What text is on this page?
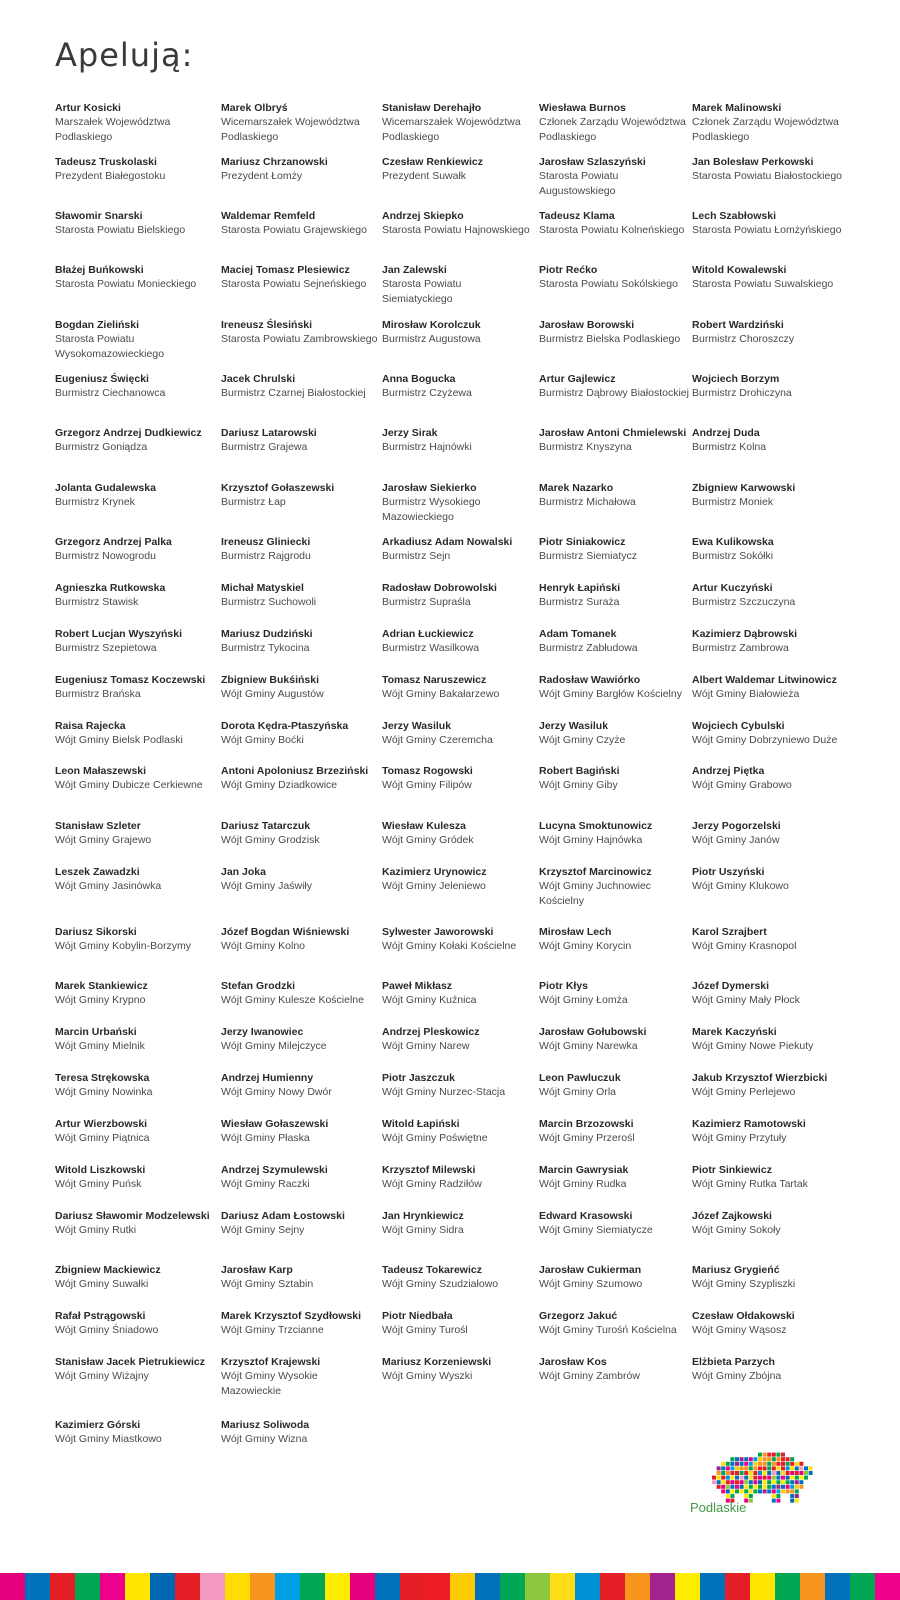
Apelują:
Artur Kosicki
Marszałek Województwa Podlaskiego
Tadeusz Truskolaski
Prezydent Białegostoku
Sławomir Snarski
Starosta Powiatu Bielskiego
Błażej Buńkowski
Starosta Powiatu Monieckiego
Bogdan Zieliński
Starosta Powiatu Wysokomazowieckiego
Eugeniusz Święcki
Burmistrz Ciechanowca
Grzegorz Andrzej Dudkiewicz
Burmistrz Goniądza
Jolanta Gudalewska
Burmistrz Krynek
Grzegorz Andrzej Palka
Burmistrz Nowogrodu
Agnieszka Rutkowska
Burmistrz Stawisk
Robert Lucjan Wyszyński
Burmistrz Szepietowa
Eugeniusz Tomasz Koczewski
Burmistrz Brańska
Raisa Rajecka
Wójt Gminy Bielsk Podlaski
Leon Małaszewski
Wójt Gminy Dubicze Cerkiewne
Stanisław Szleter
Wójt Gminy Grajewo
Leszek Zawadzki
Wójt Gminy Jasinówka
Dariusz Sikorski
Wójt Gminy Kobylin-Borzymy
Marek Stankiewicz
Wójt Gminy Krypno
Marcin Urbański
Wójt Gminy Mielnik
Teresa Strękowska
Wójt Gminy Nowinka
Artur Wierzbowski
Wójt Gminy Piątnica
Witold Liszkowski
Wójt Gminy Puńsk
Dariusz Sławomir Modzelewski
Wójt Gminy Rutki
Zbigniew Mackiewicz
Wójt Gminy Suwałki
Rafał Pstrągowski
Wójt Gminy Śniadowo
Stanisław Jacek Pietrukiewicz
Wójt Gminy Wiżajny
Kazimierz Górski
Wójt Gminy Miastkowo
Marek Olbryś
Wicemarszałek Województwa Podlaskiego
Mariusz Chrzanowski
Prezydent Łomży
Waldemar Remfeld
Starosta Powiatu Grajewskiego
Maciej Tomasz Plesiewicz
Starosta Powiatu Sejneńskiego
Ireneusz Ślesiński
Starosta Powiatu Zambrowskiego
Jacek Chrulski
Burmistrz Czarnej Białostockiej
Dariusz Latarowski
Burmistrz Grajewa
Krzysztof Gołaszewski
Burmistrz Łap
Ireneusz Gliniecki
Burmistrz Rajgrodu
Michał Matyskiel
Burmistrz Suchowoli
Mariusz Dudziński
Burmistrz Tykocina
Zbigniew Bukśiński
Wójt Gminy Augustów
Dorota Kędra-Ptaszyńska
Wójt Gminy Boćki
Antoni Apoloniusz Brzeziński
Wójt Gminy Dziadkowice
Dariusz Tatarczuk
Wójt Gminy Grodzisk
Jan Joka
Wójt Gminy Jaświły
Józef Bogdan Wiśniewski
Wójt Gminy Kolno
Stefan Grodzki
Wójt Gminy Kulesze Kościelne
Jerzy Iwanowiec
Wójt Gminy Milejczyce
Andrzej Humienny
Wójt Gminy Nowy Dwór
Wiesław Gołaszewski
Wójt Gminy Płaska
Andrzej Szymulewski
Wójt Gminy Raczki
Dariusz Adam Łostowski
Wójt Gminy Sejny
Jarosław Karp
Wójt Gminy Sztabin
Marek Krzysztof Szydłowski
Wójt Gminy Trzcianne
Krzysztof Krajewski
Wójt Gminy Wysokie Mazowieckie
Mariusz Soliwoda
Wójt Gminy Wizna
Stanisław Derehajło
Wicemarszałek Województwa Podlaskiego
Czesław Renkiewicz
Prezydent Suwałk
Andrzej Skiepko
Starosta Powiatu Hajnowskiego
Jan Zalewski
Starosta Powiatu Siemiatyckiego
Mirosław Korolczuk
Burmistrz Augustowa
Anna Bogucka
Burmistrz Czyżewa
Jerzy Sirak
Burmistrz Hajnówki
Jarosław Siekierko
Burmistrz Wysokiego Mazowieckiego
Arkadiusz Adam Nowalski
Burmistrz Sejn
Radosław Dobrowolski
Burmistrz Supraśla
Adrian Łuckiewicz
Burmistrz Wasilkowa
Tomasz Naruszewicz
Wójt Gminy Bakałarzewo
Jerzy Wasiluk
Wójt Gminy Czeremcha
Tomasz Rogowski
Wójt Gminy Filipów
Wiesław Kulesza
Wójt Gminy Gródek
Kazimierz Urynowicz
Wójt Gminy Jeleniewo
Sylwester Jaworowski
Wójt Gminy Kołaki Kościelne
Paweł Mikłasz
Wójt Gminy Kuźnica
Andrzej Pleskowicz
Wójt Gminy Narew
Piotr Jaszczuk
Wójt Gminy Nurzec-Stacja
Witold Łapiński
Wójt Gminy Poświętne
Krzysztof Milewski
Wójt Gminy Radziłów
Jan Hrynkiewicz
Wójt Gminy Sidra
Tadeusz Tokarewicz
Wójt Gminy Szudziałowo
Piotr Niedbała
Wójt Gminy Turośl
Mariusz Korzeniewski
Wójt Gminy Wyszki
Wiesława Burnos
Członek Zarządu Województwa Podlaskiego
Jarosław Szlaszyński
Starosta Powiatu Augustowskiego
Tadeusz Klama
Starosta Powiatu Kolneńskiego
Piotr Rećko
Starosta Powiatu Sokólskiego
Jarosław Borowski
Burmistrz Bielska Podlaskiego
Artur Gajlewicz
Burmistrz Dąbrowy Białostockiej
Jarosław Antoni Chmielewski
Burmistrz Knyszyna
Marek Nazarko
Burmistrz Michałowa
Piotr Siniakowicz
Burmistrz Siemiatycz
Henryk Łapiński
Burmistrz Suraża
Adam Tomanek
Burmistrz Zabłudowa
Radosław Wawiórko
Wójt Gminy Bargłów Kościelny
Jerzy Wasiluk
Wójt Gminy Czyże
Robert Bagiński
Wójt Gminy Giby
Lucyna Smoktunowicz
Wójt Gminy Hajnówka
Krzysztof Marcinowicz
Wójt Gminy Juchnowiec Kościelny
Mirosław Lech
Wójt Gminy Korycin
Piotr Kłys
Wójt Gminy Łomża
Jarosław Gołubowski
Wójt Gminy Narewka
Leon Pawluczuk
Wójt Gminy Orla
Marcin Brzozowski
Wójt Gminy Przerośl
Marcin Gawrysiak
Wójt Gminy Rudka
Edward Krasowski
Wójt Gminy Siemiatycze
Jarosław Cukierman
Wójt Gminy Szumowo
Grzegorz Jakuć
Wójt Gminy Turośń Kościelna
Jarosław Kos
Wójt Gminy Zambrów
Marek Malinowski
Członek Zarządu Województwa Podlaskiego
Jan Bolesław Perkowski
Starosta Powiatu Białostockiego
Lech Szabłowski
Starosta Powiatu Łomżyńskiego
Witold Kowalewski
Starosta Powiatu Suwalskiego
Robert Wardziński
Burmistrz Choroszczy
Wojciech Borzym
Burmistrz Drohiczyna
Andrzej Duda
Burmistrz Kolna
Zbigniew Karwowski
Burmistrz Moniek
Ewa Kulikowska
Burmistrz Sokółki
Artur Kuczyński
Burmistrz Szczuczyna
Kazimierz Dąbrowski
Burmistrz Zambrowa
Albert Waldemar Litwinowicz
Wójt Gminy Białowieża
Wojciech Cybulski
Wójt Gminy Dobrzyniewo Duże
Andrzej Piętka
Wójt Gminy Grabowo
Jerzy Pogorzelski
Wójt Gminy Janów
Piotr Uszyński
Wójt Gminy Klukowo
Karol Szrajbert
Wójt Gminy Krasnopol
Józef Dymerski
Wójt Gminy Mały Płock
Marek Kaczyński
Wójt Gminy Nowe Piekuty
Jakub Krzysztof Wierzbicki
Wójt Gminy Perlejewo
Kazimierz Ramotowski
Wójt Gminy Przytuły
Piotr Sinkiewicz
Wójt Gminy Rutka Tartak
Józef Zajkowski
Wójt Gminy Sokoły
Mariusz Grygieńć
Wójt Gminy Szypliszki
Czesław Ołdakowski
Wójt Gminy Wąsosz
Elżbieta Parzych
Wójt Gminy Zbójna
Podlaskie
